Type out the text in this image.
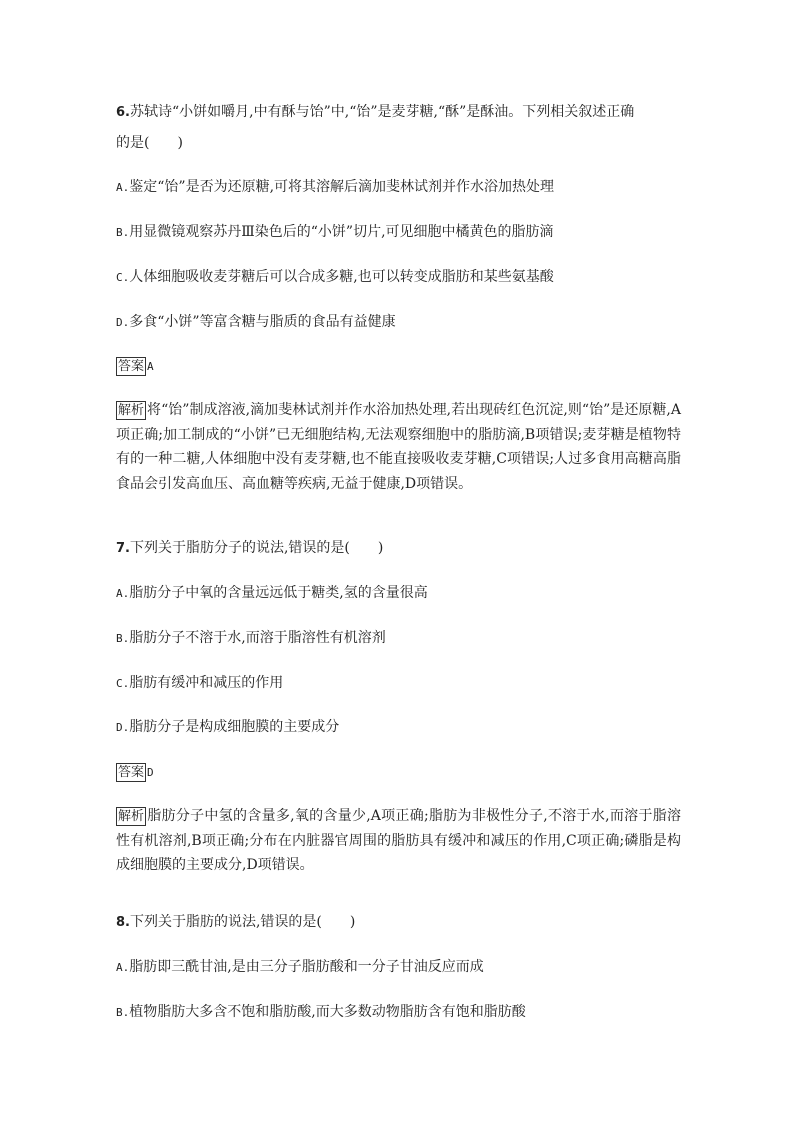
6.苏轼诗“小饼如嚼月,中有酥与饴”中,“饴”是麦芽糖,“酥”是酥油。下列相关叙述正确
的是(　　)
A.鉴定“饴”是否为还原糖,可将其溶解后滴加斐林试剂并作水浴加热处理
B.用显微镜观察苏丹Ⅲ染色后的“小饼”切片,可见细胞中橘黄色的脂肪滴
C.人体细胞吸收麦芽糖后可以合成多糖,也可以转变成脂肪和某些氨基酸
D.多食“小饼”等富含糖与脂质的食品有益健康
答案 A
解析 将“饴”制成溶液,滴加斐林试剂并作水浴加热处理,若出现砖红色沉淀,则“饴”是还原糖,A项正确;加工制成的“小饼”已无细胞结构,无法观察细胞中的脂肪滴,B项错误;麦芽糖是植物特有的一种二糖,人体细胞中没有麦芽糖,也不能直接吸收麦芽糖,C项错误;人过多食用高糖高脂食品会引发高血压、高血糖等疾病,无益于健康,D项错误。
7.下列关于脂肪分子的说法,错误的是(　　)
A.脂肪分子中氧的含量远远低于糖类,氢的含量很高
B.脂肪分子不溶于水,而溶于脂溶性有机溶剂
C.脂肪有缓冲和减压的作用
D.脂肪分子是构成细胞膜的主要成分
答案 D
解析 脂肪分子中氢的含量多,氧的含量少,A项正确;脂肪为非极性分子,不溶于水,而溶于脂溶性有机溶剂,B项正确;分布在内脏器官周围的脂肪具有缓冲和减压的作用,C项正确;磷脂是构成细胞膜的主要成分,D项错误。
8.下列关于脂肪的说法,错误的是(　　)
A.脂肪即三酰甘油,是由三分子脂肪酸和一分子甘油反应而成
B.植物脂肪大多含不饱和脂肪酸,而大多数动物脂肪含有饱和脂肪酸
